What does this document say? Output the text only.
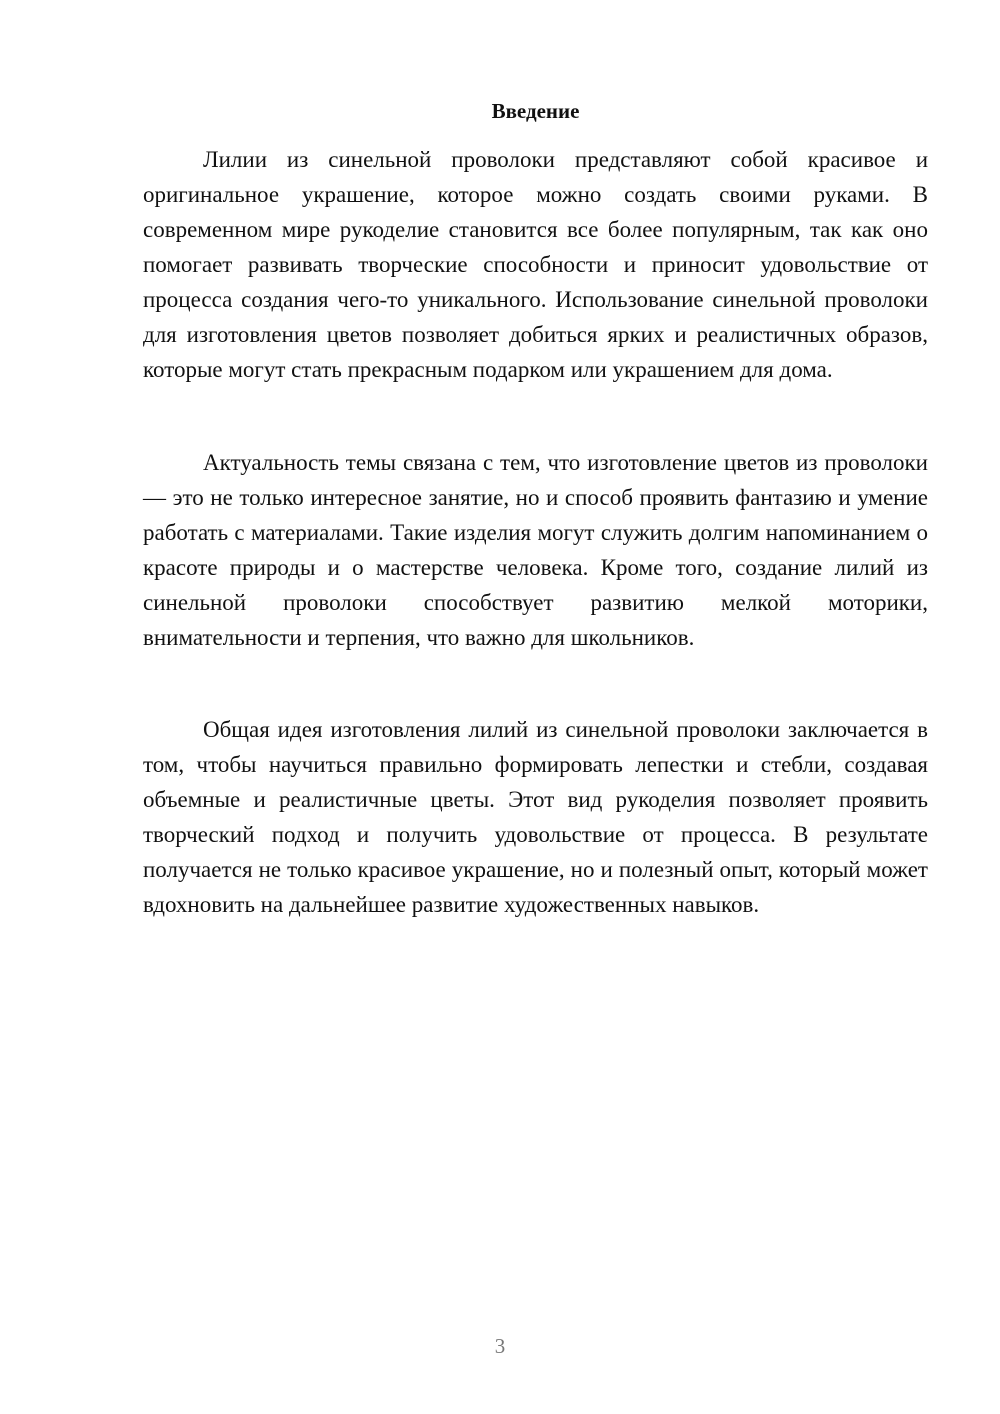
Введение

Лилии из синельной проволоки представляют собой красивое и оригинальное украшение, которое можно создать своими руками. В современном мире рукоделие становится все более популярным, так как оно помогает развивать творческие способности и приносит удовольствие от процесса создания чего-то уникального. Использование синельной проволоки для изготовления цветов позволяет добиться ярких и реалистичных образов, которые могут стать прекрасным подарком или украшением для дома.

Актуальность темы связана с тем, что изготовление цветов из проволоки — это не только интересное занятие, но и способ проявить фантазию и умение работать с материалами. Такие изделия могут служить долгим напоминанием о красоте природы и о мастерстве человека. Кроме того, создание лилий из синельной проволоки способствует развитию мелкой моторики, внимательности и терпения, что важно для школьников.

Общая идея изготовления лилий из синельной проволоки заключается в том, чтобы научиться правильно формировать лепестки и стебли, создавая объемные и реалистичные цветы. Этот вид рукоделия позволяет проявить творческий подход и получить удовольствие от процесса. В результате получается не только красивое украшение, но и полезный опыт, который может вдохновить на дальнейшее развитие художественных навыков.

3
